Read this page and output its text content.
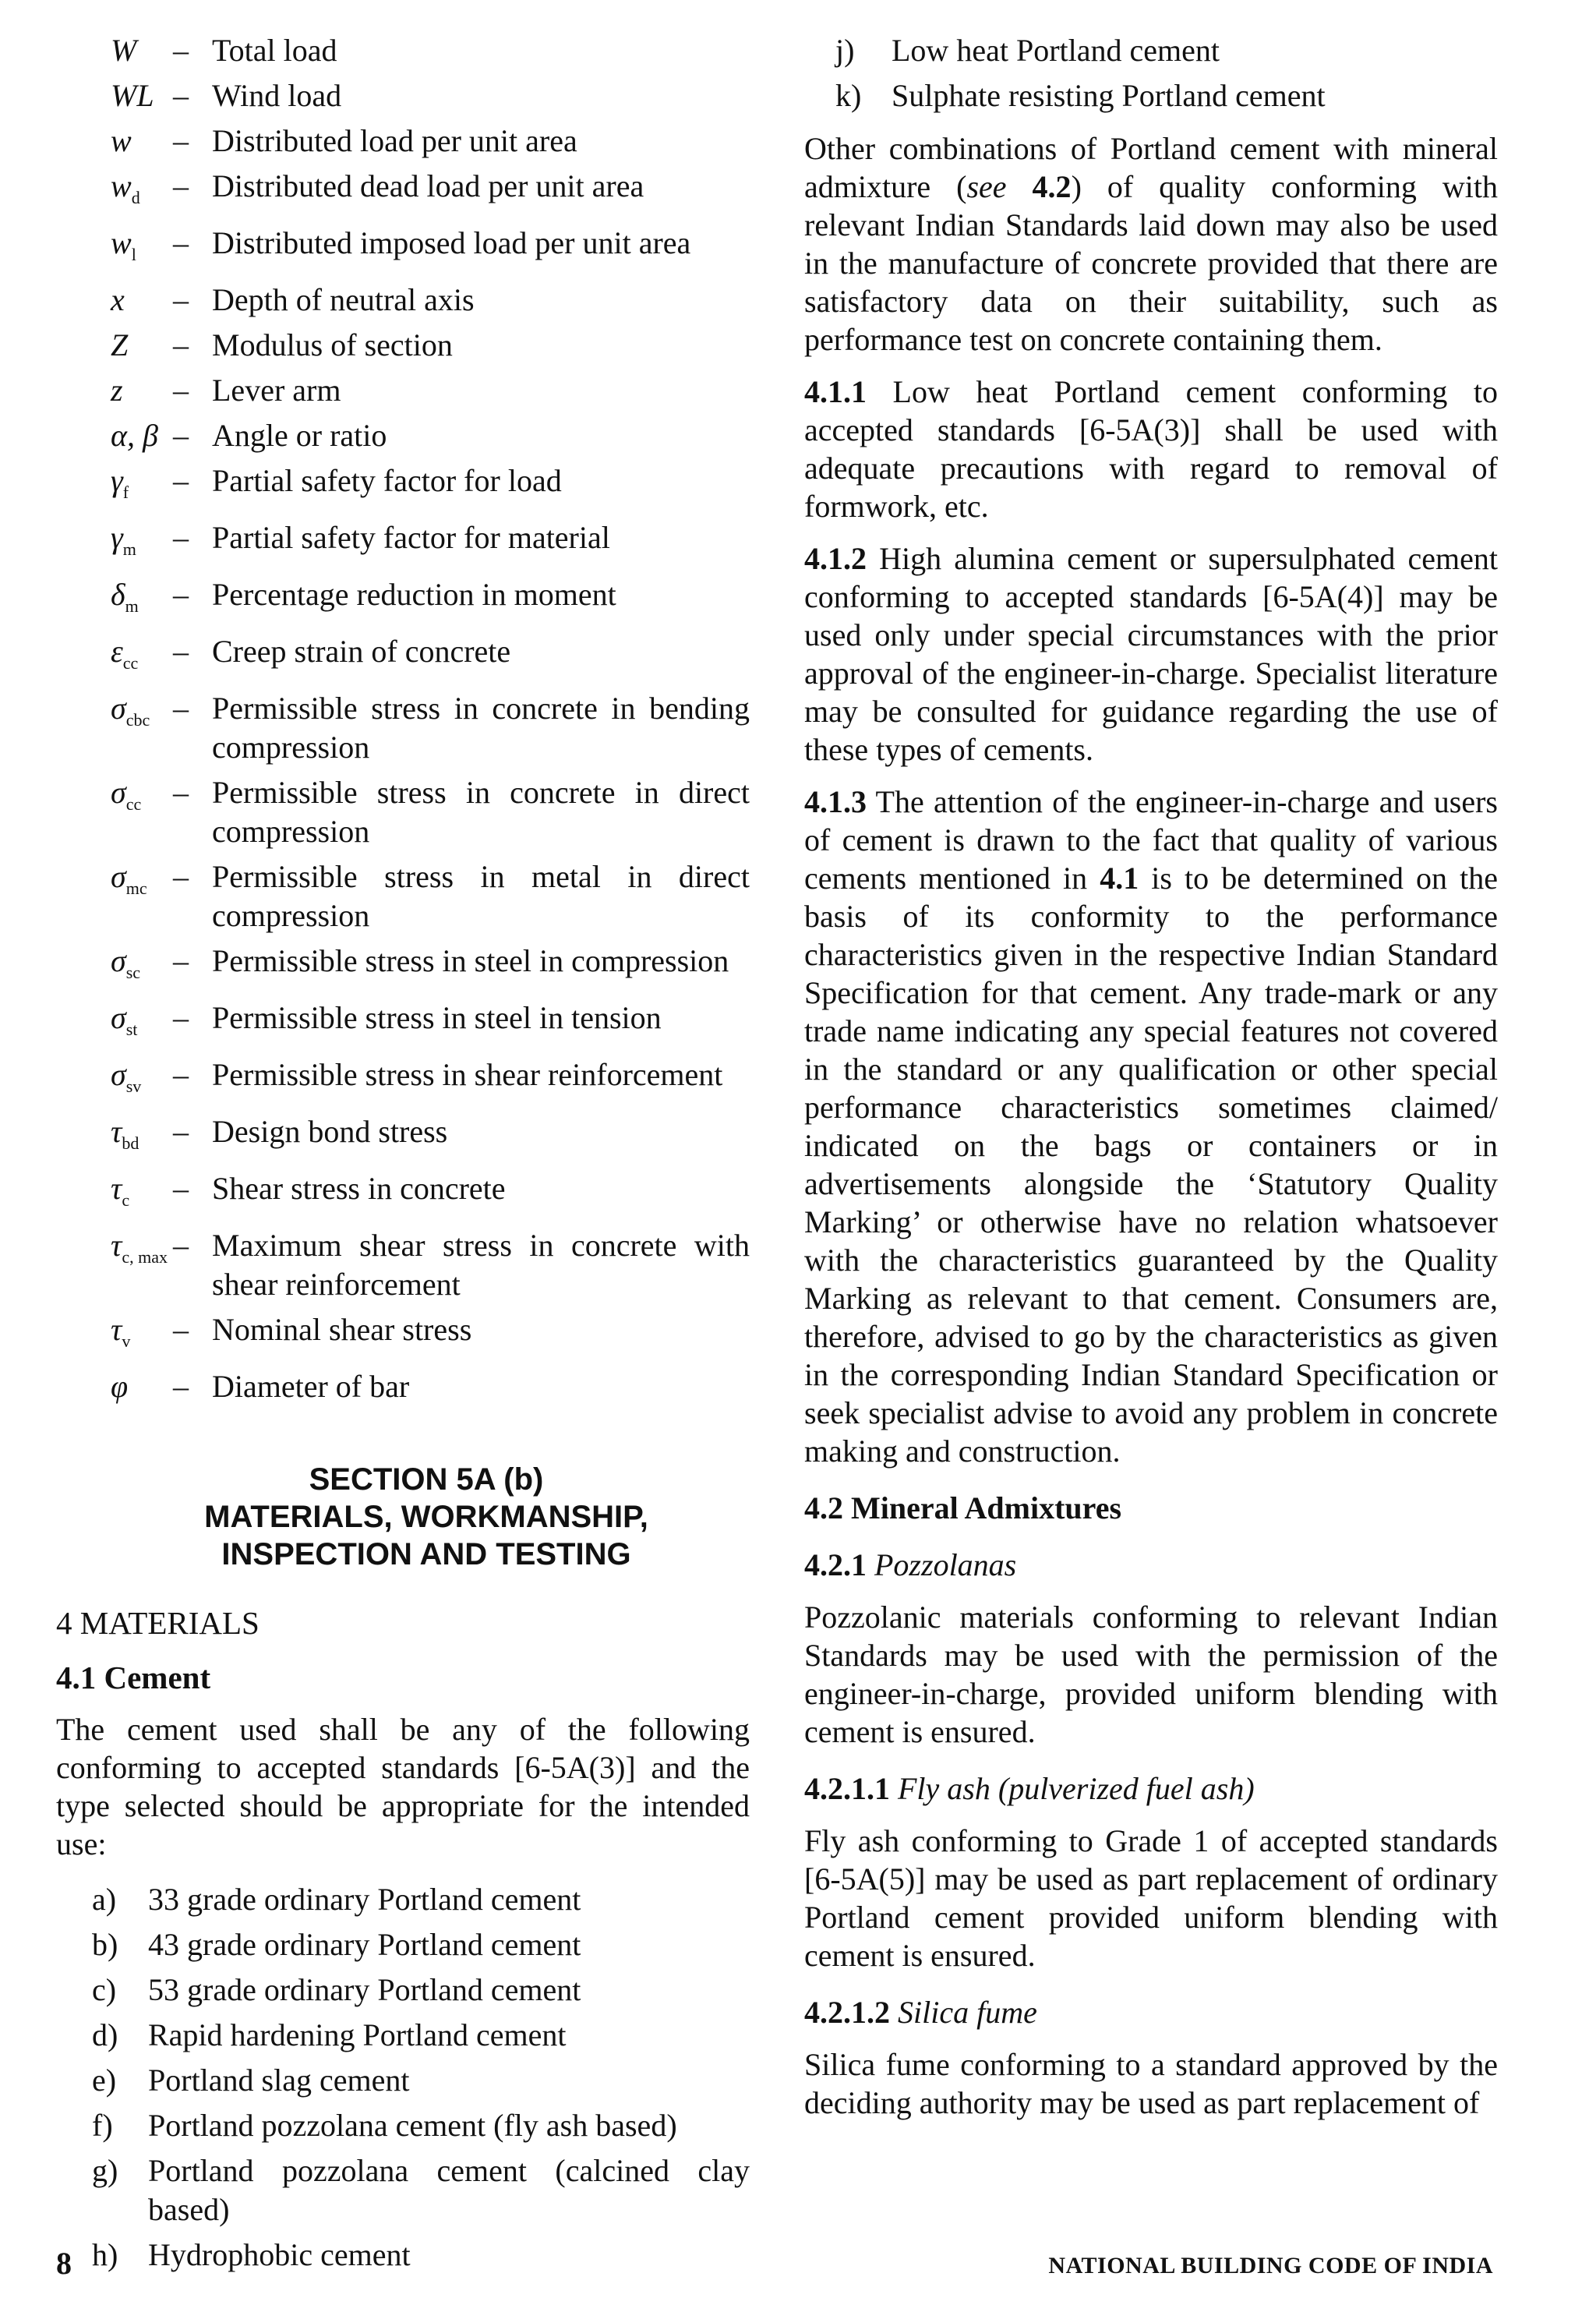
W	– Total load
WL – Wind load
w	– Distributed load per unit area
$w_d$	– Distributed dead load per unit area
$w_l$	– Distributed imposed load per unit area
x	– Depth of neutral axis
Z	– Modulus of section
z	– Lever arm
α, β – Angle or ratio
$\gamma_f$	– Partial safety factor for load
$\gamma_m$	– Partial safety factor for material
$\delta_m$	– Percentage reduction in moment
$\varepsilon_{cc}$	– Creep strain of concrete
$\sigma_{cbc}$ – Permissible stress in concrete in bending compression
$\sigma_{cc}$	– Permissible stress in concrete in direct compression
$\sigma_{mc}$ – Permissible stress in metal in direct compression
$\sigma_{sc}$	– Permissible stress in steel in compression
$\sigma_{st}$	– Permissible stress in steel in tension
$\sigma_{sv}$	– Permissible stress in shear reinforcement
$\tau_{bd}$	– Design bond stress
$\tau_c$	– Shear stress in concrete
$\tau_{c, max}$ – Maximum shear stress in concrete with shear reinforcement
$\tau_v$	– Nominal shear stress
φ	– Diameter of bar
SECTION 5A (b)
MATERIALS, WORKMANSHIP,
INSPECTION AND TESTING
4 MATERIALS
4.1 Cement
The cement used shall be any of the following conforming to accepted standards [6-5A(3)] and the type selected should be appropriate for the intended use:
a)	33 grade ordinary Portland cement
b) 43 grade ordinary Portland cement
c)	53 grade ordinary Portland cement
d) Rapid hardening Portland cement
e)	Portland slag cement
f)	Portland pozzolana cement (fly ash based)
g) Portland pozzolana cement (calcined clay based)
h) Hydrophobic cement
j)	Low heat Portland cement
k) Sulphate resisting Portland cement
Other combinations of Portland cement with mineral admixture (see 4.2) of quality conforming with relevant Indian Standards laid down may also be used in the manufacture of concrete provided that there are satisfactory data on their suitability, such as performance test on concrete containing them.
4.1.1 Low heat Portland cement conforming to accepted standards [6-5A(3)] shall be used with adequate precautions with regard to removal of formwork, etc.
4.1.2 High alumina cement or supersulphated cement conforming to accepted standards [6-5A(4)] may be used only under special circumstances with the prior approval of the engineer-in-charge. Specialist literature may be consulted for guidance regarding the use of these types of cements.
4.1.3 The attention of the engineer-in-charge and users of cement is drawn to the fact that quality of various cements mentioned in 4.1 is to be determined on the basis of its conformity to the performance characteristics given in the respective Indian Standard Specification for that cement. Any trade-mark or any trade name indicating any special features not covered in the standard or any qualification or other special performance characteristics sometimes claimed/ indicated on the bags or containers or in advertisements alongside the ‘Statutory Quality Marking’ or otherwise have no relation whatsoever with the characteristics guaranteed by the Quality Marking as relevant to that cement. Consumers are, therefore, advised to go by the characteristics as given in the corresponding Indian Standard Specification or seek specialist advise to avoid any problem in concrete making and construction.
4.2 Mineral Admixtures
4.2.1 Pozzolanas
Pozzolanic materials conforming to relevant Indian Standards may be used with the permission of the engineer-in-charge, provided uniform blending with cement is ensured.
4.2.1.1 Fly ash (pulverized fuel ash)
Fly ash conforming to Grade 1 of accepted standards [6-5A(5)] may be used as part replacement of ordinary Portland cement provided uniform blending with cement is ensured.
4.2.1.2 Silica fume
Silica fume conforming to a standard approved by the deciding authority may be used as part replacement of
8	NATIONAL BUILDING CODE OF INDIA
